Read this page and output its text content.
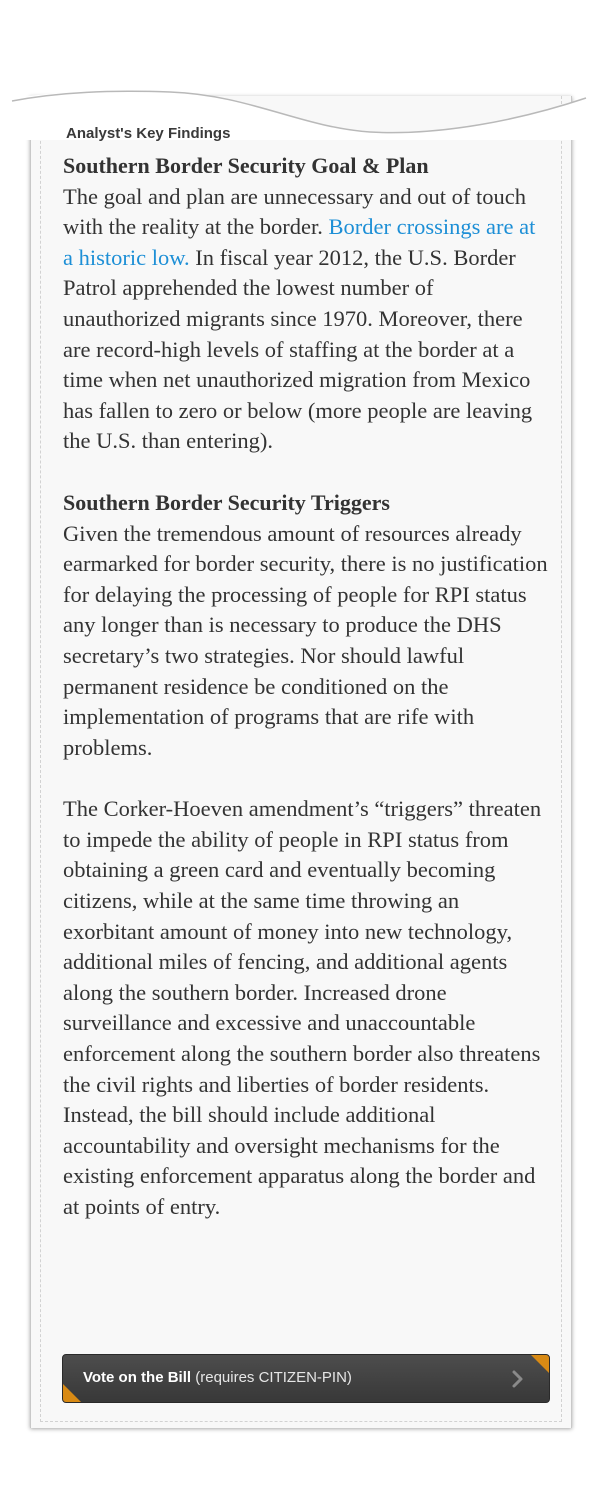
Analyst's Key Findings
Southern Border Security Goal & Plan

The goal and plan are unnecessary and out of touch with the reality at the border. Border crossings are at a historic low. In fiscal year 2012, the U.S. Border Patrol apprehended the lowest number of unauthorized migrants since 1970. Moreover, there are record-high levels of staffing at the border at a time when net unauthorized migration from Mexico has fallen to zero or below (more people are leaving the U.S. than entering).

Southern Border Security Triggers

Given the tremendous amount of resources already earmarked for border security, there is no justification for delaying the processing of people for RPI status any longer than is necessary to produce the DHS secretary’s two strategies. Nor should lawful permanent residence be conditioned on the implementation of programs that are rife with problems.

The Corker-Hoeven amendment’s “triggers” threaten to impede the ability of people in RPI status from obtaining a green card and eventually becoming citizens, while at the same time throwing an exorbitant amount of money into new technology, additional miles of fencing, and additional agents along the southern border. Increased drone surveillance and excessive and unaccountable enforcement along the southern border also threatens the civil rights and liberties of border residents. Instead, the bill should include additional accountability and oversight mechanisms for the existing enforcement apparatus along the border and at points of entry.

Vote on the Bill (requires CITIZEN-PIN)
